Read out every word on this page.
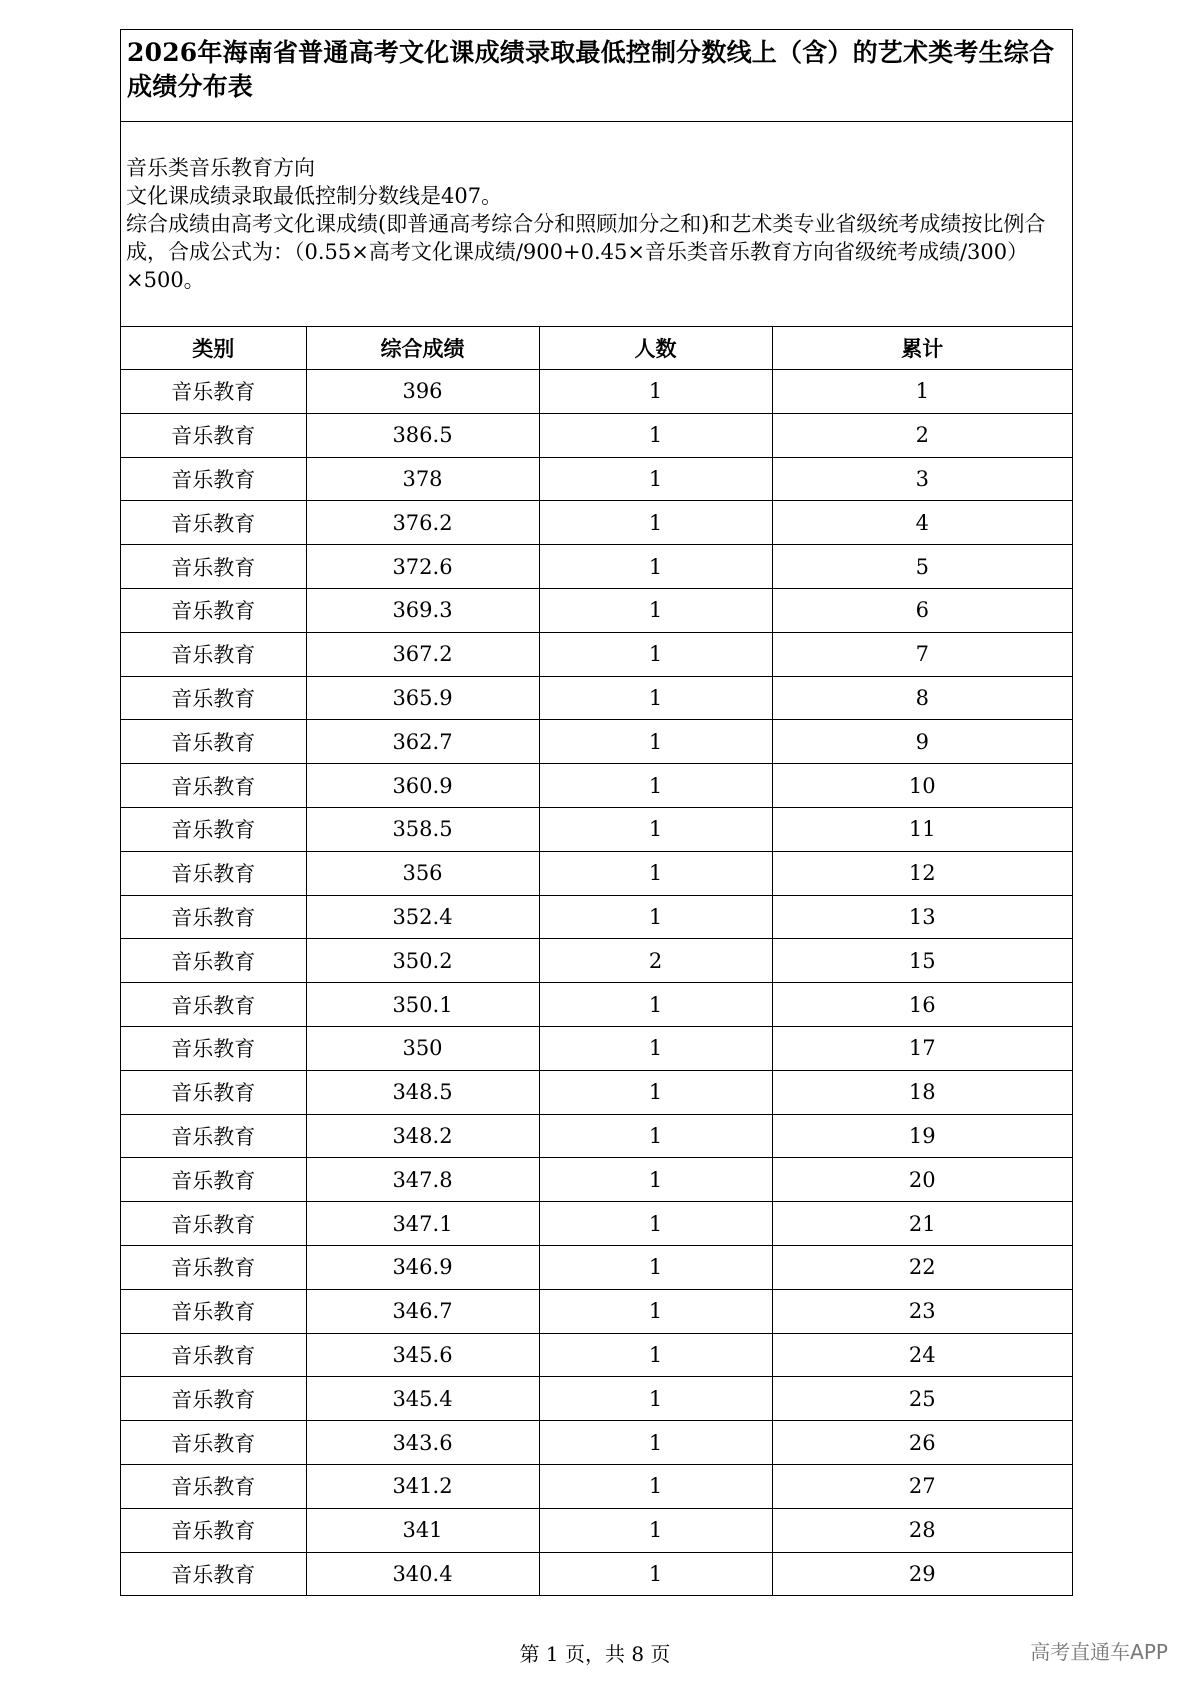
2026年海南省普通高考文化课成绩录取最低控制分数线上（含）的艺术类考生综合成绩分布表
音乐类音乐教育方向
文化课成绩录取最低控制分数线是407。
综合成绩由高考文化课成绩(即普通高考综合分和照顾加分之和)和艺术类专业省级统考成绩按比例合成，合成公式为：（0.55×高考文化课成绩/900+0.45×音乐类音乐教育方向省级统考成绩/300）×500。
类别	综合成绩	人数	累计
音乐教育	396	1	1
音乐教育	386.5	1	2
音乐教育	378	1	3
音乐教育	376.2	1	4
音乐教育	372.6	1	5
音乐教育	369.3	1	6
音乐教育	367.2	1	7
音乐教育	365.9	1	8
音乐教育	362.7	1	9
音乐教育	360.9	1	10
音乐教育	358.5	1	11
音乐教育	356	1	12
音乐教育	352.4	1	13
音乐教育	350.2	2	15
音乐教育	350.1	1	16
音乐教育	350	1	17
音乐教育	348.5	1	18
音乐教育	348.2	1	19
音乐教育	347.8	1	20
音乐教育	347.1	1	21
音乐教育	346.9	1	22
音乐教育	346.7	1	23
音乐教育	345.6	1	24
音乐教育	345.4	1	25
音乐教育	343.6	1	26
音乐教育	341.2	1	27
音乐教育	341	1	28
音乐教育	340.4	1	29
第 1 页，共 8 页	高考直通车APP
